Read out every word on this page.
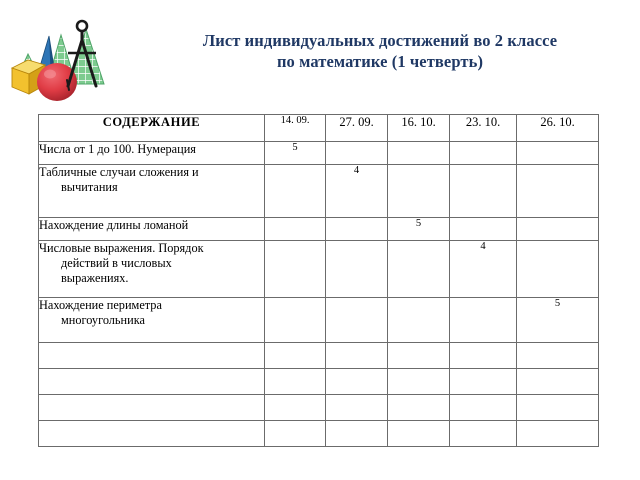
Лист индивидуальных достижений во 2 классе
по математике (1 четверть)
СОДЕРЖАНИЕ	14. 09.	27. 09.	16. 10.	23. 10.	26. 10.
Числа от 1 до 100. Нумерация	5				
Табличные случаи сложения и
вычитания		4			
Нахождение длины ломаной			5		
Числовые выражения. Порядок
действий в числовых
выражениях.				4	
Нахождение периметра
многоугольника					5
